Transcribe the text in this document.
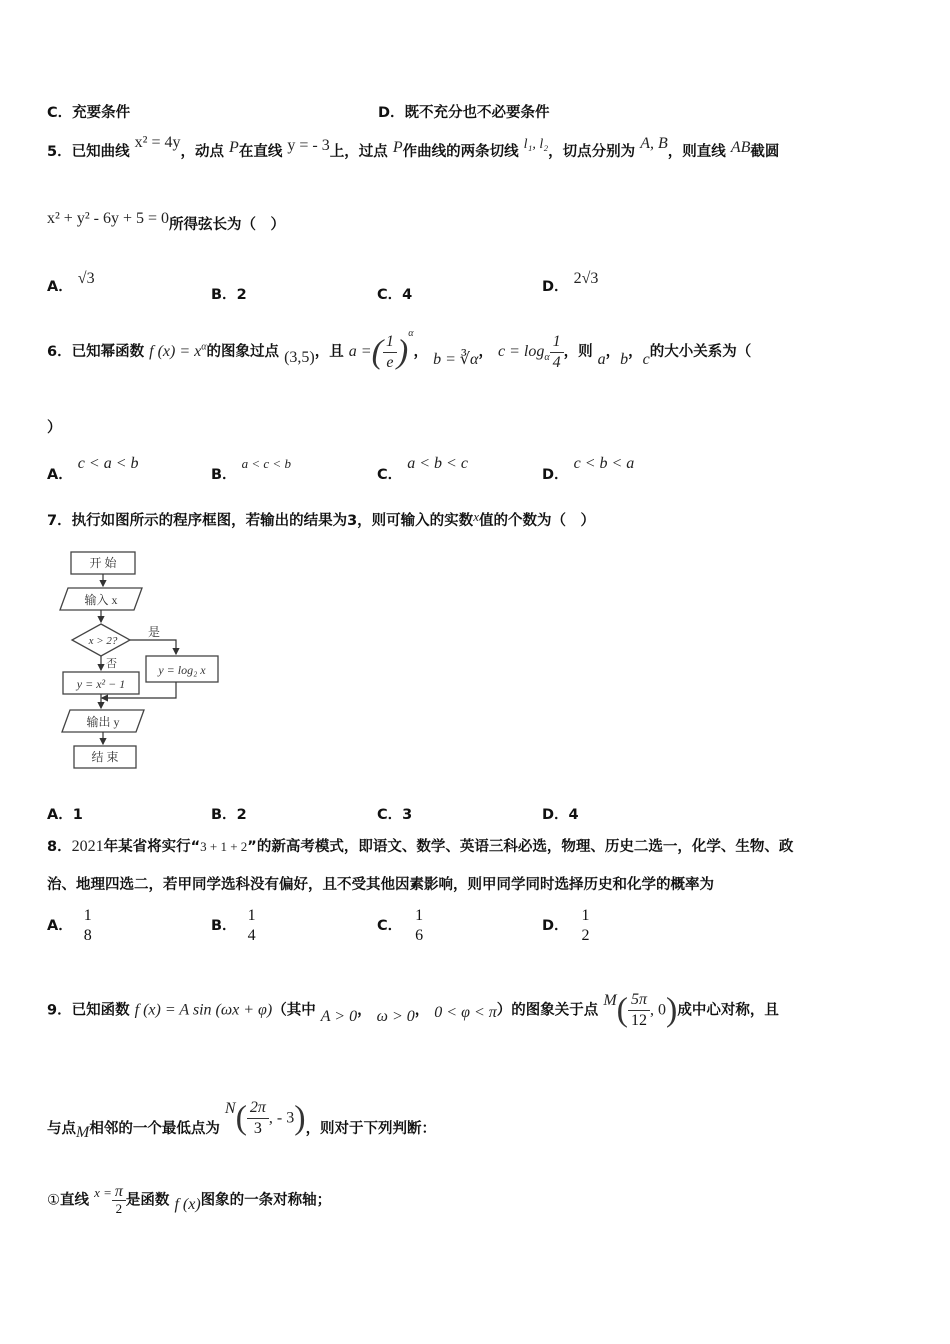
C．充要条件	D．既不充分也不必要条件
5．已知曲线 x² = 4y，动点 P在直线 y = - 3上，过点 P作曲线的两条切线 l₁, l₂，切点分别为 A, B，则直线 AB截圆
x² + y² - 6y + 5 = 0所得弦长为（　）
A． √3
B．2	C．4	D． 2√3
6．已知幂函数 f $(x) = x^\alpha$的图象过点 (3,5)，且 a =( $\frac{1}{e} )^\alpha$， b = ∛α， $c = \log_\alpha \frac{1}{4}$ ，则 a，b，c的大小关系为（
）
A． c < a < b
B． a < c < b
C． a < b < c
D． c < b < a
7．执行如图所示的程序框图，若输出的结果为3，则可输入的实数x值的个数为（　）
开 始
输入 x
x > 2?
是
y = log₂ x
否
y = x² − 1
输出 y
结 束
A．1	B．2	C．3	D．4
8．2021年某省将实行“3 + 1 + 2”的新高考模式，即语文、数学、英语三科必选，物理、历史二选一，化学、生物、政
治、地理四选二，若甲同学选科没有偏好，且不受其他因素影响，则甲同学同时选择历史和化学的概率为
A．
1
8
B．
1
4
C．
1
6
D．
1
2
9．已知函数 f (x) = A sin (ωx + φ)（其中 A > 0， ω > 0， 0 < φ < π）的图象关于点 $M( \frac{5\pi}{12}$ , 0)成中心对称，且
与点M相邻的一个最低点为 $N( \frac{2\pi}{3}$ , - 3)，则对于下列判断：
①直线 $x = \frac{\pi}{2}$ 是函数 f (x)图象的一条对称轴；
